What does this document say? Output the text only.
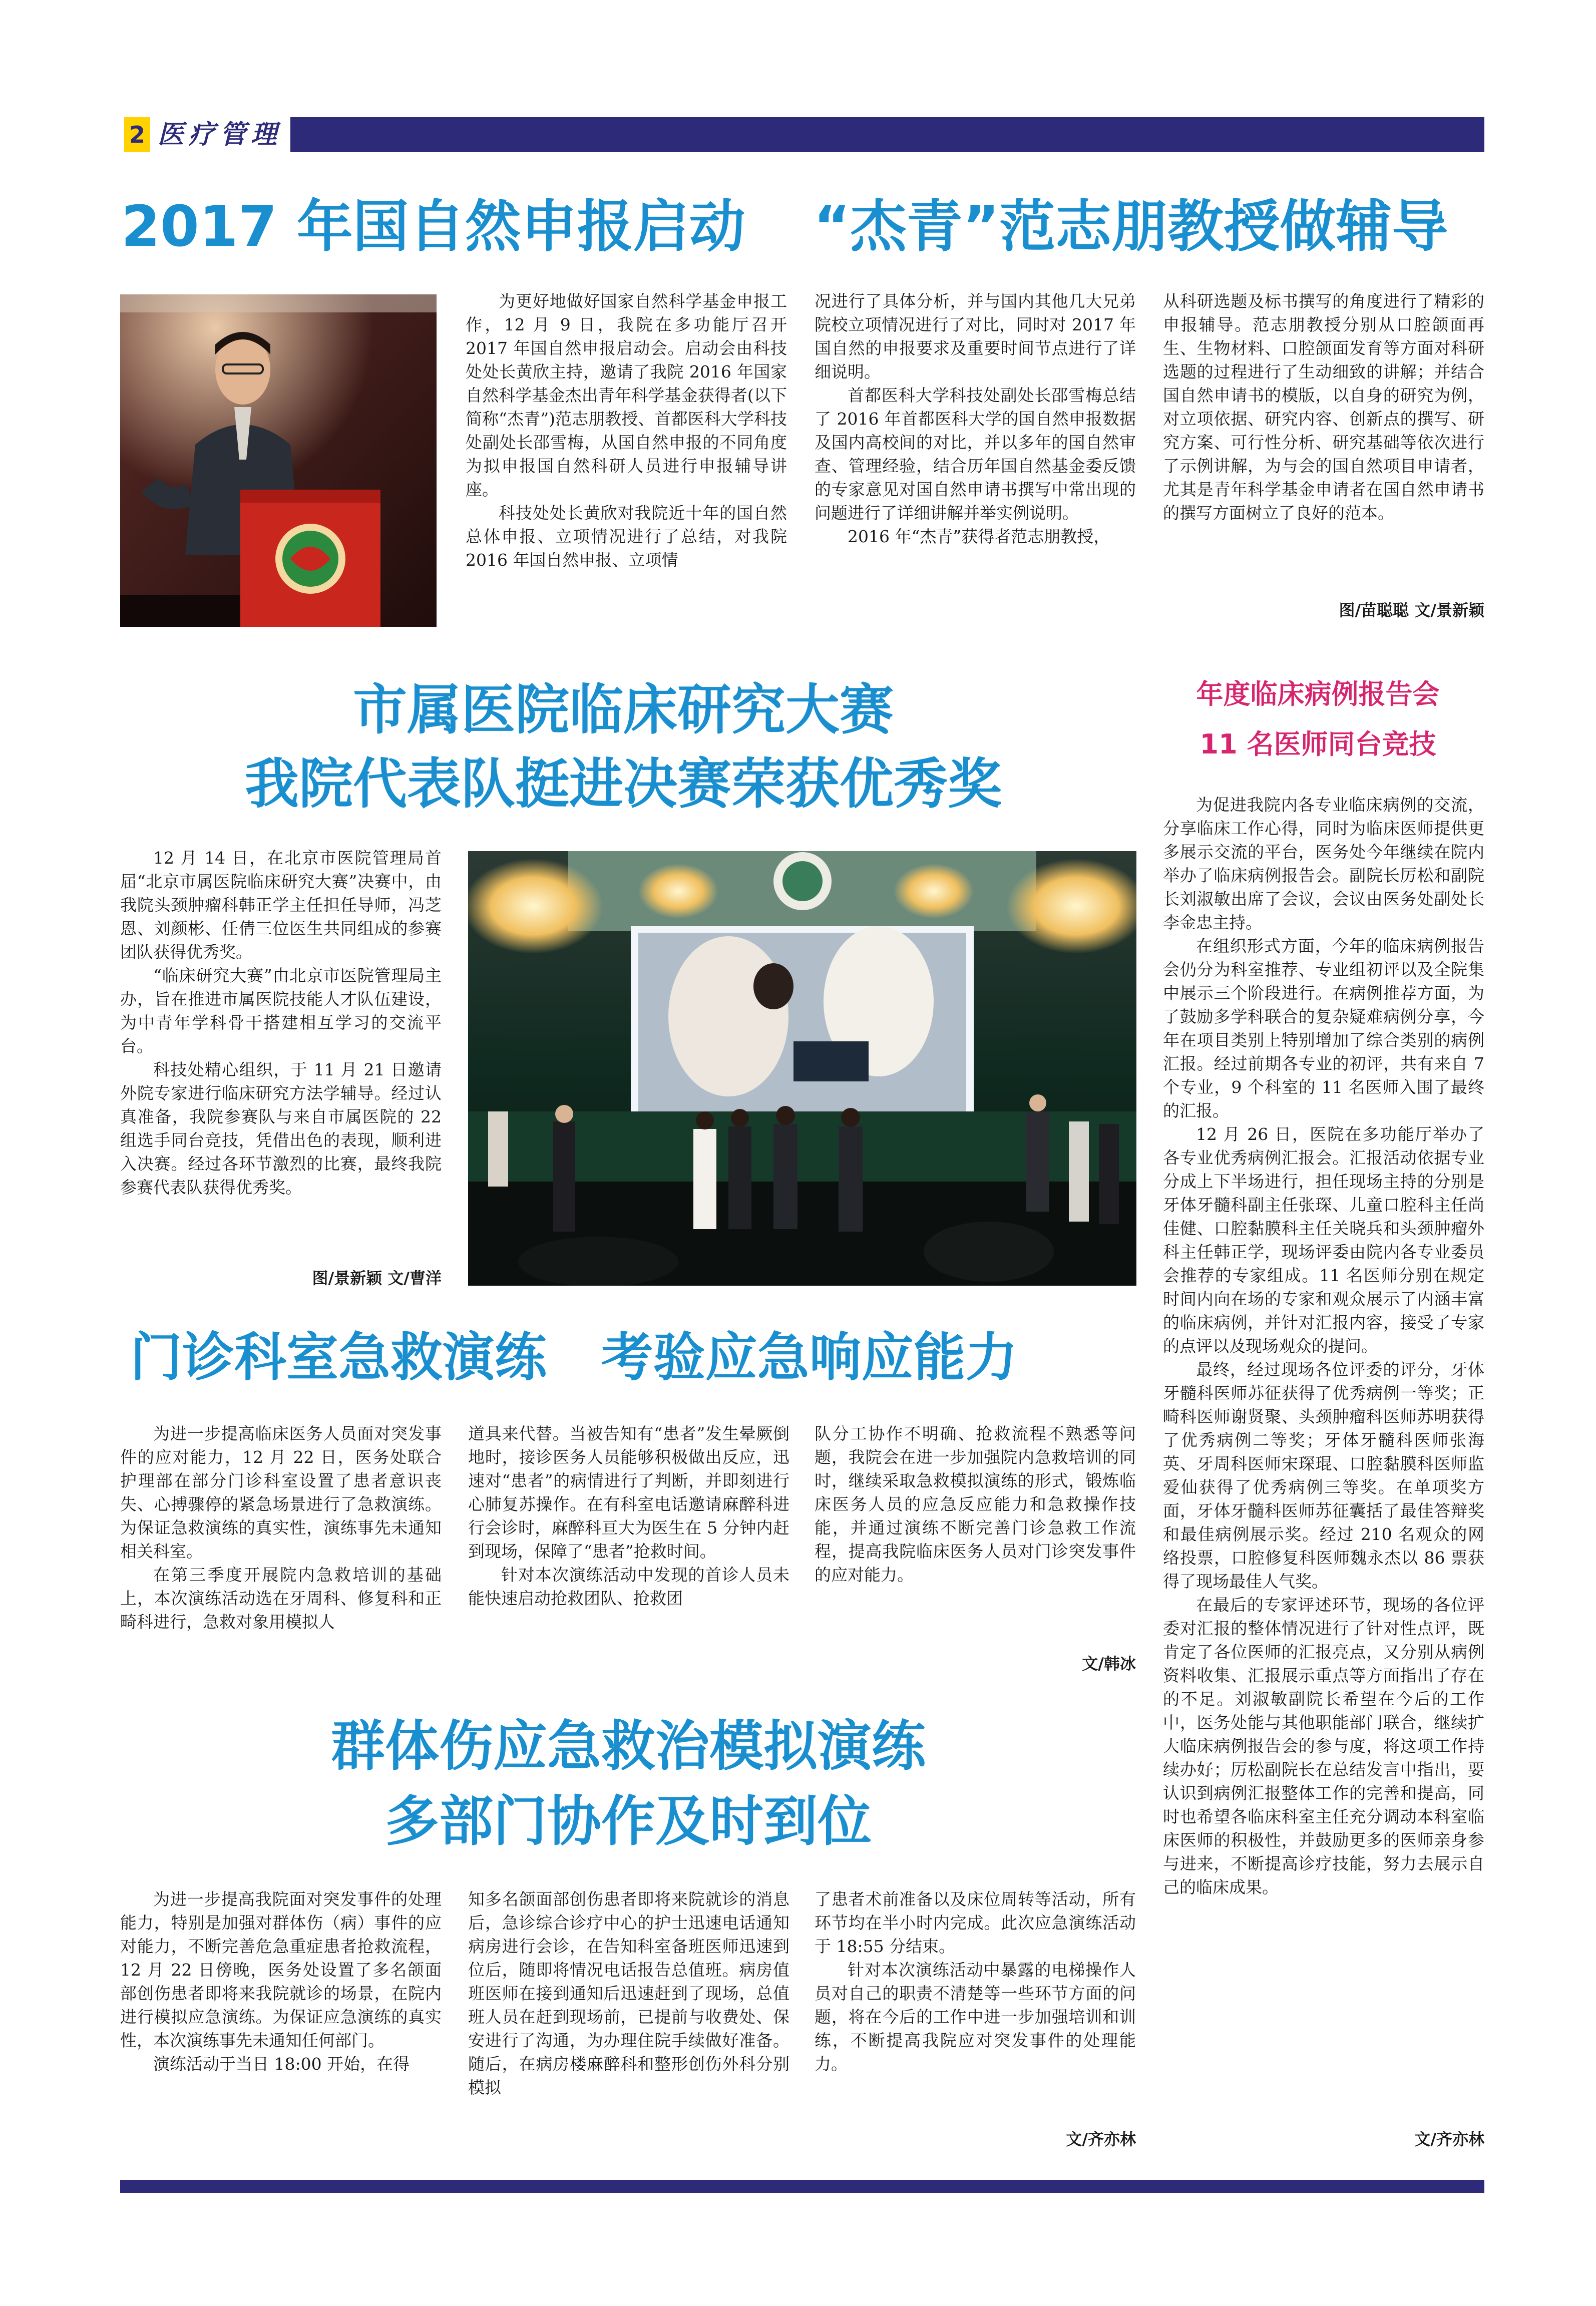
2 医疗管理
2017 年国自然申报启动 “杰青”范志朋教授做辅导

为更好地做好国家自然科学基金申报工作，12 月 9 日，我院在多功能厅召开 2017 年国自然申报启动会。启动会由科技处处长黄欣主持，邀请了我院 2016 年国家自然科学基金杰出青年科学基金获得者(以下简称“杰青”)范志朋教授、首都医科大学科技处副处长邵雪梅，从国自然申报的不同角度为拟申报国自然科研人员进行申报辅导讲座。

科技处处长黄欣对我院近十年的国自然总体申报、立项情况进行了总结，对我院 2016 年国自然申报、立项情

况进行了具体分析，并与国内其他几大兄弟院校立项情况进行了对比，同时对 2017 年国自然的申报要求及重要时间节点进行了详细说明。

首都医科大学科技处副处长邵雪梅总结了 2016 年首都医科大学的国自然申报数据及国内高校间的对比，并以多年的国自然审查、管理经验，结合历年国自然基金委反馈的专家意见对国自然申请书撰写中常出现的问题进行了详细讲解并举实例说明。

2016 年“杰青”获得者范志朋教授，

从科研选题及标书撰写的角度进行了精彩的申报辅导。范志朋教授分别从口腔颌面再生、生物材料、口腔颌面发育等方面对科研选题的过程进行了生动细致的讲解；并结合国自然申请书的模版，以自身的研究为例，对立项依据、研究内容、创新点的撰写、研究方案、可行性分析、研究基础等依次进行了示例讲解，为与会的国自然项目申请者，尤其是青年科学基金申请者在国自然申请书的撰写方面树立了良好的范本。

图/苗聪聪 文/景新颖
市属医院临床研究大赛
我院代表队挺进决赛荣获优秀奖

12 月 14 日，在北京市医院管理局首届“北京市属医院临床研究大赛”决赛中，由我院头颈肿瘤科韩正学主任担任导师，冯芝恩、刘颜彬、任倩三位医生共同组成的参赛团队获得优秀奖。

“临床研究大赛”由北京市医院管理局主办，旨在推进市属医院技能人才队伍建设，为中青年学科骨干搭建相互学习的交流平台。

科技处精心组织，于 11 月 21 日邀请外院专家进行临床研究方法学辅导。经过认真准备，我院参赛队与来自市属医院的 22 组选手同台竞技，凭借出色的表现，顺利进入决赛。经过各环节激烈的比赛，最终我院参赛代表队获得优秀奖。

图/景新颖 文/曹洋
门诊科室急救演练   考验应急响应能力

为进一步提高临床医务人员面对突发事件的应对能力，12 月 22 日，医务处联合护理部在部分门诊科室设置了患者意识丧失、心搏骤停的紧急场景进行了急救演练。为保证急救演练的真实性，演练事先未通知相关科室。

在第三季度开展院内急救培训的基础上，本次演练活动选在牙周科、修复科和正畸科进行，急救对象用模拟人

道具来代替。当被告知有“患者”发生晕厥倒地时，接诊医务人员能够积极做出反应，迅速对“患者”的病情进行了判断，并即刻进行心肺复苏操作。在有科室电话邀请麻醉科进行会诊时，麻醉科亘大为医生在 5 分钟内赶到现场，保障了“患者”抢救时间。

针对本次演练活动中发现的首诊人员未能快速启动抢救团队、抢救团

队分工协作不明确、抢救流程不熟悉等问题，我院会在进一步加强院内急救培训的同时，继续采取急救模拟演练的形式，锻炼临床医务人员的应急反应能力和急救操作技能，并通过演练不断完善门诊急救工作流程，提高我院临床医务人员对门诊突发事件的应对能力。

文/韩冰
群体伤应急救治模拟演练
多部门协作及时到位

为进一步提高我院面对突发事件的处理能力，特别是加强对群体伤（病）事件的应对能力，不断完善危急重症患者抢救流程，12 月 22 日傍晚，医务处设置了多名颌面部创伤患者即将来我院就诊的场景，在院内进行模拟应急演练。为保证应急演练的真实性，本次演练事先未通知任何部门。

演练活动于当日 18:00 开始，在得

知多名颌面部创伤患者即将来院就诊的消息后，急诊综合诊疗中心的护士迅速电话通知病房进行会诊，在告知科室备班医师迅速到位后，随即将情况电话报告总值班。病房值班医师在接到通知后迅速赶到了现场，总值班人员在赶到现场前，已提前与收费处、保安进行了沟通，为办理住院手续做好准备。随后，在病房楼麻醉科和整形创伤外科分别模拟

了患者术前准备以及床位周转等活动，所有环节均在半小时内完成。此次应急演练活动于 18:55 分结束。

针对本次演练活动中暴露的电梯操作人员对自己的职责不清楚等一些环节方面的问题，将在今后的工作中进一步加强培训和训练，不断提高我院应对突发事件的处理能力。

文/齐亦林
年度临床病例报告会
11 名医师同台竞技

为促进我院内各专业临床病例的交流，分享临床工作心得，同时为临床医师提供更多展示交流的平台，医务处今年继续在院内举办了临床病例报告会。副院长厉松和副院长刘淑敏出席了会议，会议由医务处副处长李金忠主持。

在组织形式方面，今年的临床病例报告会仍分为科室推荐、专业组初评以及全院集中展示三个阶段进行。在病例推荐方面，为了鼓励多学科联合的复杂疑难病例分享，今年在项目类别上特别增加了综合类别的病例汇报。经过前期各专业的初评，共有来自 7 个专业，9 个科室的 11 名医师入围了最终的汇报。

12 月 26 日，医院在多功能厅举办了各专业优秀病例汇报会。汇报活动依据专业分成上下半场进行，担任现场主持的分别是牙体牙髓科副主任张琛、儿童口腔科主任尚佳健、口腔黏膜科主任关晓兵和头颈肿瘤外科主任韩正学，现场评委由院内各专业委员会推荐的专家组成。11 名医师分别在规定时间内向在场的专家和观众展示了内涵丰富的临床病例，并针对汇报内容，接受了专家的点评以及现场观众的提问。

最终，经过现场各位评委的评分，牙体牙髓科医师苏征获得了优秀病例一等奖；正畸科医师谢贤聚、头颈肿瘤科医师苏明获得了优秀病例二等奖；牙体牙髓科医师张海英、牙周科医师宋琛琨、口腔黏膜科医师监爱仙获得了优秀病例三等奖。在单项奖方面，牙体牙髓科医师苏征囊括了最佳答辩奖和最佳病例展示奖。经过 210 名观众的网络投票，口腔修复科医师魏永杰以 86 票获得了现场最佳人气奖。

在最后的专家评述环节，现场的各位评委对汇报的整体情况进行了针对性点评，既肯定了各位医师的汇报亮点，又分别从病例资料收集、汇报展示重点等方面指出了存在的不足。刘淑敏副院长希望在今后的工作中，医务处能与其他职能部门联合，继续扩大临床病例报告会的参与度，将这项工作持续办好；厉松副院长在总结发言中指出，要认识到病例汇报整体工作的完善和提高，同时也希望各临床科室主任充分调动本科室临床医师的积极性，并鼓励更多的医师亲身参与进来，不断提高诊疗技能，努力去展示自己的临床成果。

文/齐亦林
